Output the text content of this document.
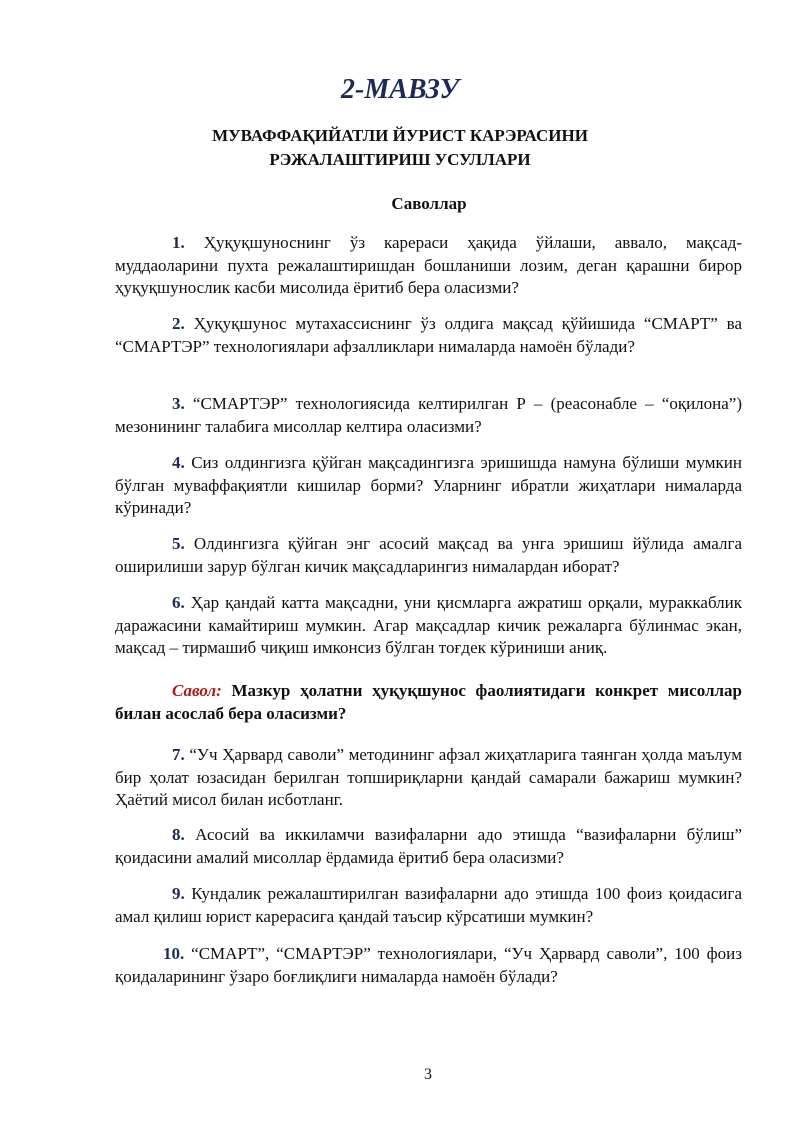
2-МАВЗУ
МУВАФФАҚИЙАТЛИ ЙУРИСТ КАРЭРАСИНИ
РЭЖАЛАШТИРИШ УСУЛЛАРИ
Саволлар

1. Ҳуқуқшуноснинг ўз карераси ҳақида ўйлаши, аввало, мақсад-муддаоларини пухта режалаштиришдан бошланиши лозим, деган қарашни бирор ҳуқуқшунослик касби мисолида ёритиб бера оласизми?

2. Ҳуқуқшунос мутахассиснинг ўз олдига мақсад қўйишида “СМАРТ” ва “СМАРТЭР” технологиялари афзалликлари нималарда намоён бўлади?

3. “СМАРТЭР” технологиясида келтирилган Р – (реасонабле – “оқилона”) мезонининг талабига мисоллар келтира оласизми?

4. Сиз олдингизга қўйган мақсадингизга эришишда намуна бўлиши мумкин бўлган муваффақиятли кишилар борми? Уларнинг ибратли жиҳатлари нималарда кўринади?

5. Олдингизга қўйган энг асосий мақсад ва унга эришиш йўлида амалга оширилиши зарур бўлган кичик мақсадларингиз нималардан иборат?

6. Ҳар қандай катта мақсадни, уни қисмларга ажратиш орқали, мураккаблик даражасини камайтириш мумкин. Агар мақсадлар кичик режаларга бўлинмас экан, мақсад – тирмашиб чиқиш имконсиз бўлган тоғдек кўриниши аниқ.

Савол: Мазкур ҳолатни ҳуқуқшунос фаолиятидаги конкрет мисоллар билан асослаб бера оласизми?

7. “Уч Ҳарвард саволи” методининг афзал жиҳатларига таянган ҳолда маълум бир ҳолат юзасидан берилган топшириқларни қандай самарали бажариш мумкин? Ҳаётий мисол билан исботланг.

8. Асосий ва иккиламчи вазифаларни адо этишда “вазифаларни бўлиш” қоидасини амалий мисоллар ёрдамида ёритиб бера оласизми?

9. Кундалик режалаштирилган вазифаларни адо этишда 100 фоиз қоидасига амал қилиш юрист карерасига қандай таъсир кўрсатиши мумкин?

10. “СМАРТ”, “СМАРТЭР” технологиялари, “Уч Ҳарвард саволи”, 100 фоиз қоидаларининг ўзаро боғлиқлиги нималарда намоён бўлади?

3
